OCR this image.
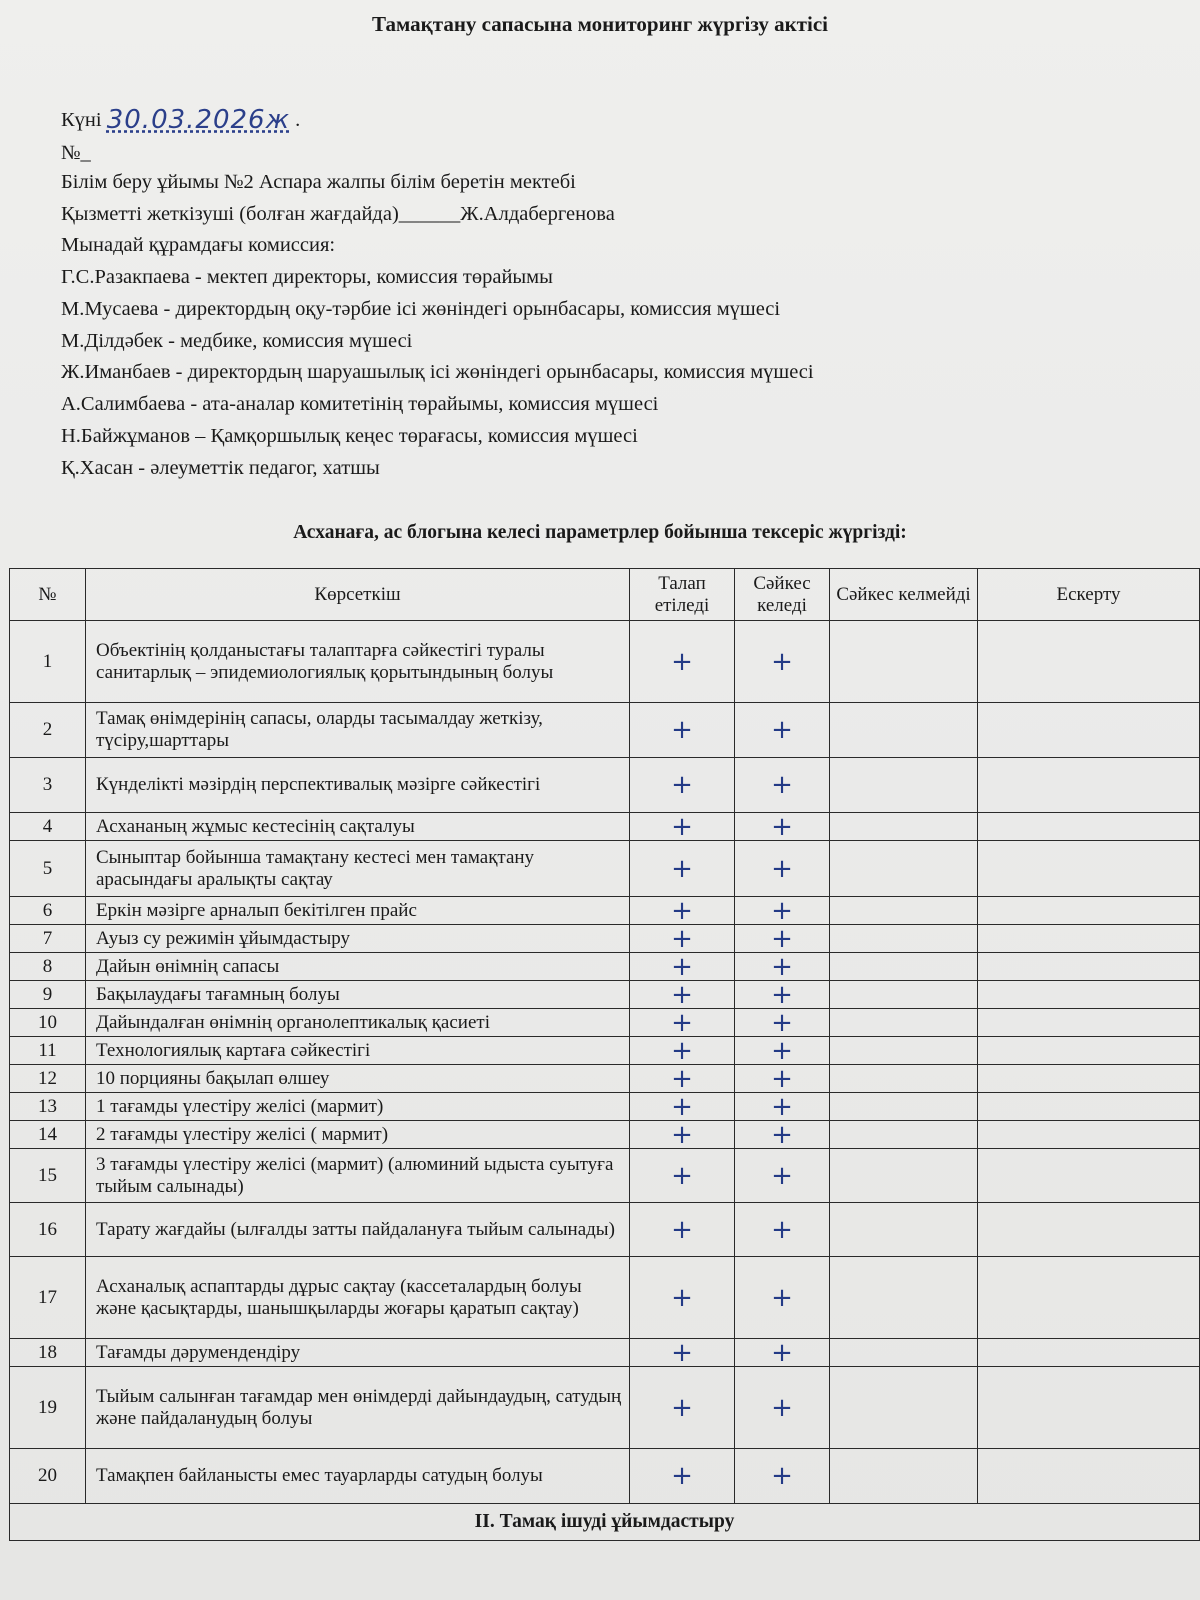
Тамақтану сапасына мониторинг жүргізу актісі
Күні 30.03.2026ж .
№_
Білім беру ұйымы №2 Аспара жалпы білім беретін мектебі
Қызметті жеткізуші (болған жағдайда)______Ж.Алдабергенова
Мынадай құрамдағы комиссия:
Г.С.Разакпаева - мектеп директоры, комиссия төрайымы
М.Мусаева - директордың оқу-тәрбие ісі жөніндегі орынбасары, комиссия мүшесі
М.Ділдәбек - медбике, комиссия мүшесі
Ж.Иманбаев - директордың шаруашылық ісі жөніндегі орынбасары, комиссия мүшесі
А.Салимбаева - ата-аналар комитетінің төрайымы, комиссия мүшесі
Н.Байжұманов – Қамқоршылық кеңес төрағасы, комиссия мүшесі
Қ.Хасан - әлеуметтік педагог, хатшы
Асханаға, ас блогына келесі параметрлер бойынша тексеріс жүргізді:
№	Көрсеткіш	Талап етіледі	Сәйкес келеді	Сәйкес келмейді	Ескерту
1	Объектінің қолданыстағы талаптарға сәйкестігі туралы санитарлық – эпидемиологиялық қорытындының болуы	+	+		
2	Тамақ өнімдерінің сапасы, оларды тасымалдау жеткізу, түсіру,шарттары	+	+		
3	Күнделікті мәзірдің перспективалық мәзірге сәйкестігі	+	+		
4	Асхананың жұмыс кестесінің сақталуы	+	+		
5	Сыныптар бойынша тамақтану кестесі мен тамақтану арасындағы аралықты сақтау	+	+		
6	Еркін мәзірге арналып бекітілген прайс	+	+		
7	Ауыз су режимін ұйымдастыру	+	+		
8	Дайын өнімнің сапасы	+	+		
9	Бақылаудағы тағамның болуы	+	+		
10	Дайындалған өнімнің органолептикалық қасиеті	+	+		
11	Технологиялық картаға сәйкестігі	+	+		
12	10 порцияны бақылап өлшеу	+	+		
13	1 тағамды үлестіру желісі (мармит)	+	+		
14	2 тағамды үлестіру желісі ( мармит)	+	+		
15	3 тағамды үлестіру желісі (мармит) (алюминий ыдыста суытуға тыйым салынады)	+	+		
16	Тарату жағдайы (ылғалды затты пайдалануға тыйым салынады)	+	+		
17	Асханалық аспаптарды дұрыс сақтау (кассеталардың болуы және қасықтарды, шанышқыларды жоғары қаратып сақтау)	+	+		
18	Тағамды дәрумендендіру	+	+		
19	Тыйым салынған тағамдар мен өнімдерді дайындаудың, сатудың және пайдаланудың болуы	+	+		
20	Тамақпен байланысты емес тауарларды сатудың болуы	+	+		
II. Тамақ ішуді ұйымдастыру					
